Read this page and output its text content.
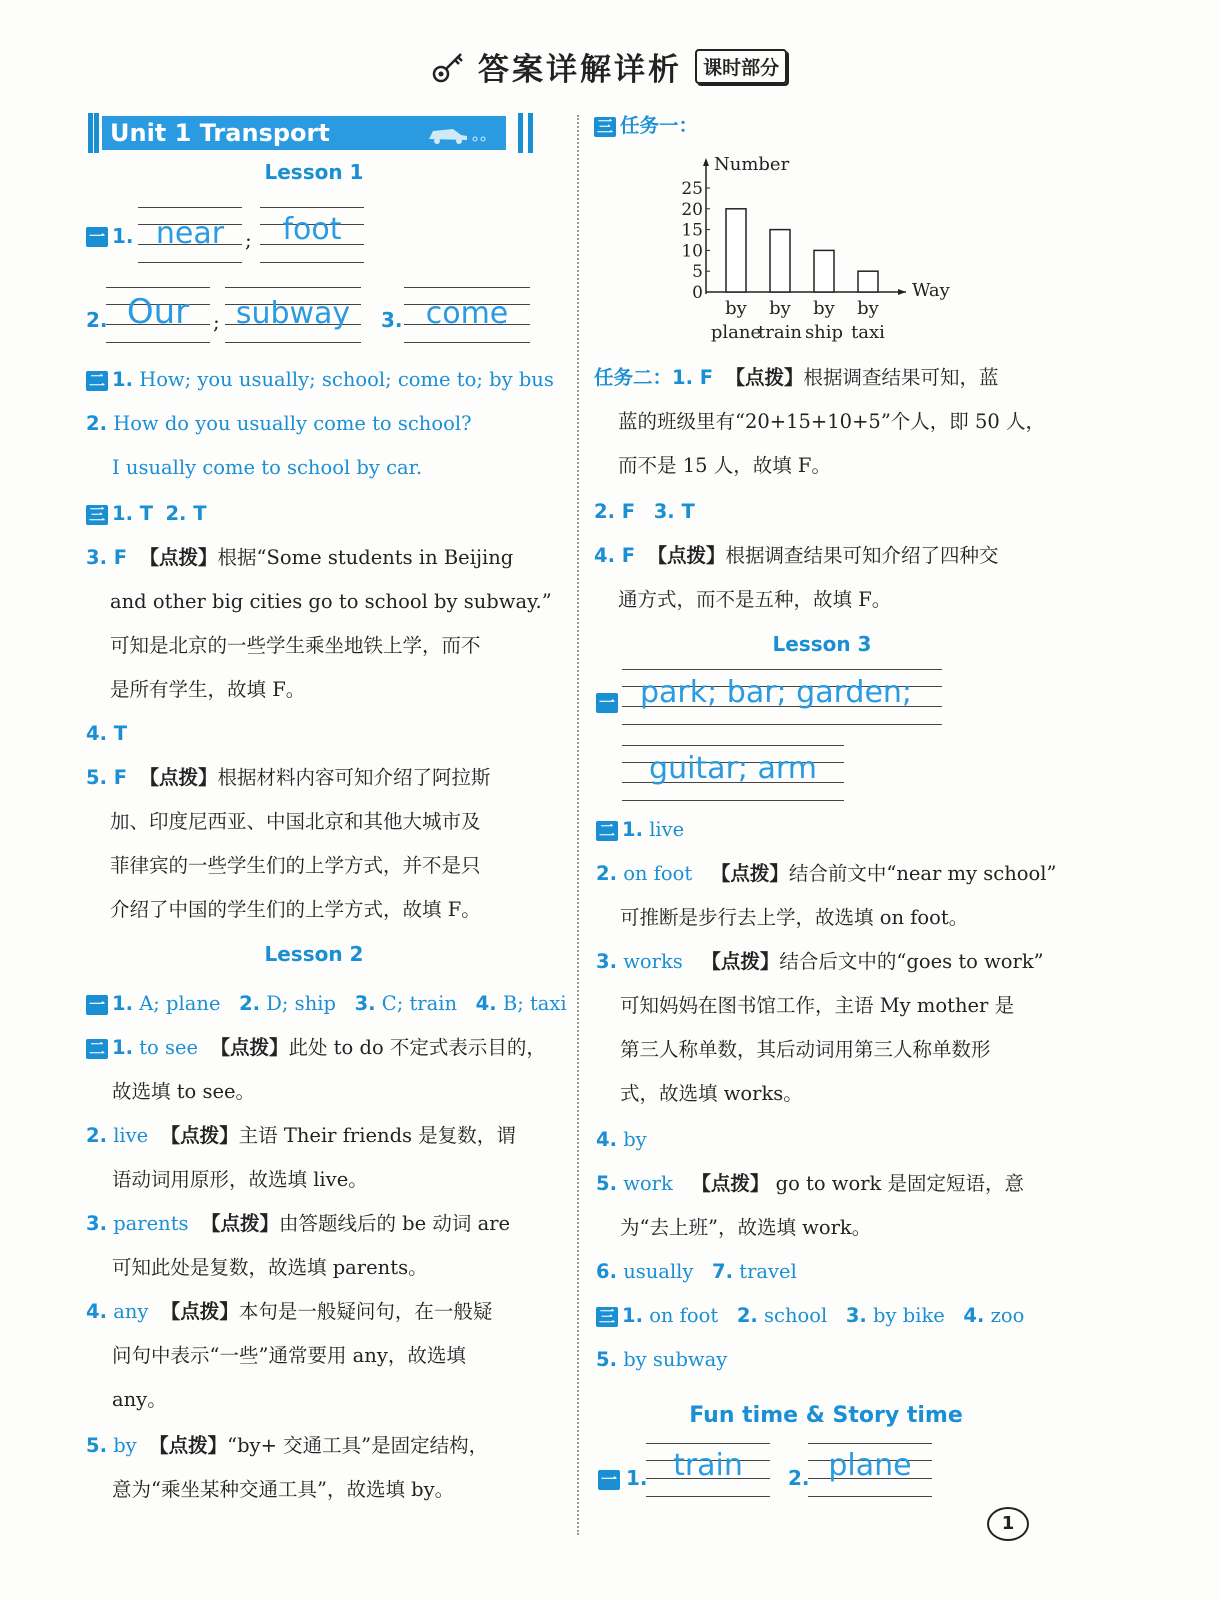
答案详解详析 课时部分
Unit 1 Transport
Lesson 1
一 1. near	;	foot
2. Our	; subway	3. come
二 1. How; you usually; school; come to; by bus
2. How do you usually come to school?
I usually come to school by car.
三 1. T 2. T
3. F 【点拨】根据“Some students in Beijing
and other big cities go to school by subway.”
可知是北京的一些学生乘坐地铁上学，而不
是所有学生，故填 F。
4. T
5. F 【点拨】根据材料内容可知介绍了阿拉斯
加、印度尼西亚、中国北京和其他大城市及
菲律宾的一些学生们的上学方式，并不是只
介绍了中国的学生们的上学方式，故填 F。
Lesson 2
一 1. A; plane 2. D; ship 3. C; train 4. B; taxi
二 1. to see 【点拨】此处 to do 不定式表示目的，
故选填 to see。
2. live 【点拨】主语 Their friends 是复数，谓
语动词用原形，故选填 live。
3. parents 【点拨】由答题线后的 be 动词 are
可知此处是复数，故选填 parents。
4. any 【点拨】本句是一般疑问句，在一般疑
问句中表示“一些”通常要用 any，故选填
any。
5. by 【点拨】“by+ 交通工具”是固定结构，
意为“乘坐某种交通工具”，故选填 by。
三 任务一：
Number
Way
0
5
10
15
20
25
by
plane
by
train
by
ship
by
taxi
任务二：1. F 【点拨】根据调查结果可知，蓝
蓝的班级里有“20+15+10+5”个人，即 50 人，
而不是 15 人，故填 F。
2. F 3. T
4. F 【点拨】根据调查结果可知介绍了四种交
通方式，而不是五种，故填 F。
Lesson 3
一 park; bar; garden;
guitar; arm
二 1. live
2. on foot 【点拨】结合前文中“near my school”
可推断是步行去上学，故选填 on foot。
3. works 【点拨】结合后文中的“goes to work”
可知妈妈在图书馆工作，主语 My mother 是
第三人称单数，其后动词用第三人称单数形
式，故选填 works。
4. by
5. work 【点拨】 go to work 是固定短语，意
为“去上班”，故选填 work。
6. usually 7. travel
三 1. on foot 2. school 3. by bike 4. zoo
5. by subway
Fun time & Story time
一 1. train	2. plane
1
